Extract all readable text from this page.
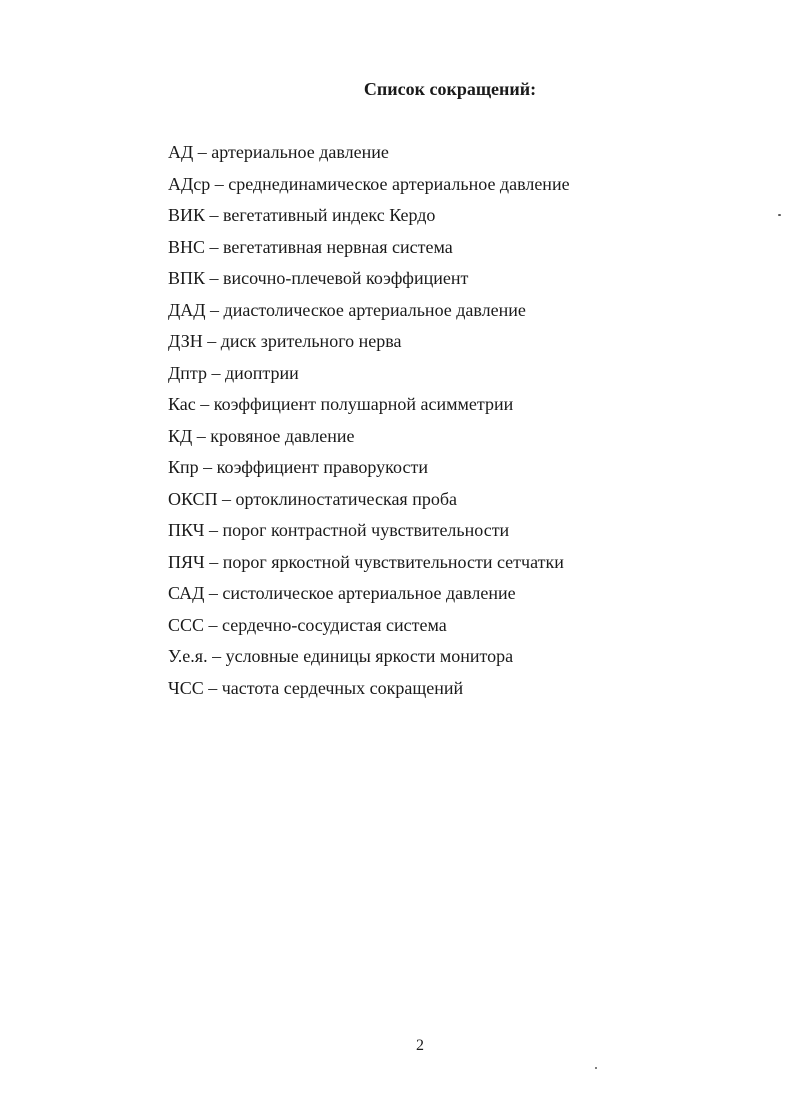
Список сокращений:
АД – артериальное давление
АДср – среднединамическое артериальное давление
ВИК – вегетативный индекс Кердо
ВНС – вегетативная нервная система
ВПК – височно-плечевой коэффициент
ДАД – диастолическое артериальное давление
ДЗН – диск зрительного нерва
Дптр – диоптрии
Кас – коэффициент полушарной асимметрии
КД – кровяное давление
Кпр – коэффициент праворукости
ОКСП – ортоклиностатическая проба
ПКЧ – порог контрастной чувствительности
ПЯЧ – порог яркостной чувствительности сетчатки
САД – систолическое артериальное давление
ССС – сердечно-сосудистая система
У.е.я. – условные единицы яркости монитора
ЧСС – частота сердечных сокращений
2
